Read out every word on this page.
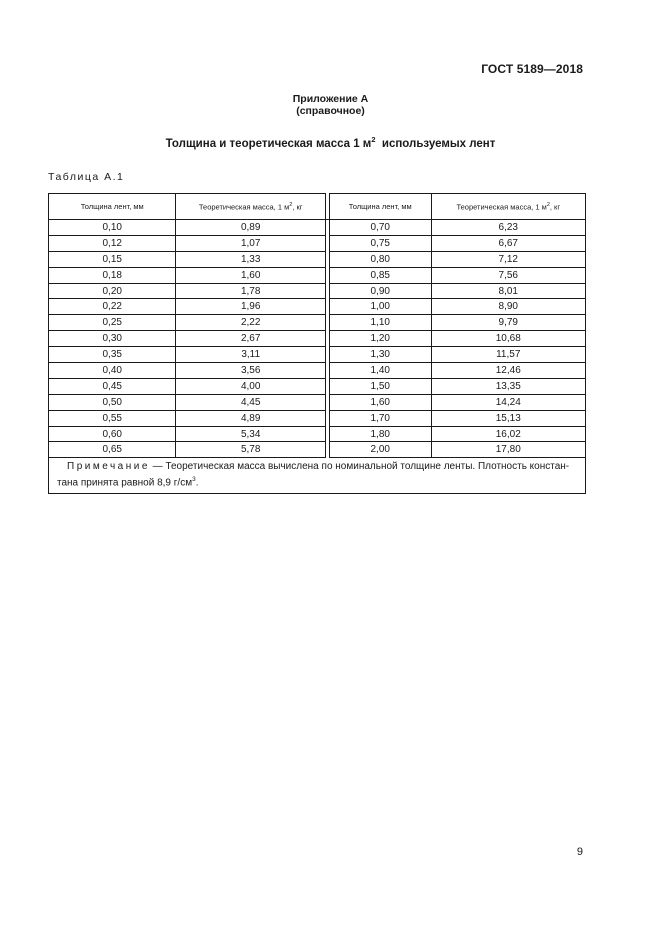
ГОСТ 5189—2018
Приложение А
(справочное)
Толщина и теоретическая масса 1 $м^2$ используемых лент
Таблица А.1
Толщина лент, мм	Теоретическая масса, 1 $м^2$, кг		Толщина лент, мм	Теоретическая масса, 1 $м^2$, кг
0,10	0,89		0,70	6,23
0,12	1,07		0,75	6,67
0,15	1,33		0,80	7,12
0,18	1,60		0,85	7,56
0,20	1,78		0,90	8,01
0,22	1,96		1,00	8,90
0,25	2,22		1,10	9,79
0,30	2,67		1,20	10,68
0,35	3,11		1,30	11,57
0,40	3,56		1,40	12,46
0,45	4,00		1,50	13,35
0,50	4,45		1,60	14,24
0,55	4,89		1,70	15,13
0,60	5,34		1,80	16,02
0,65	5,78		2,00	17,80
Примечание — Теоретическая масса вычислена по номинальной толщине ленты. Плотность констан-тана принята равной 8,9 $г/см^3$.				
9
